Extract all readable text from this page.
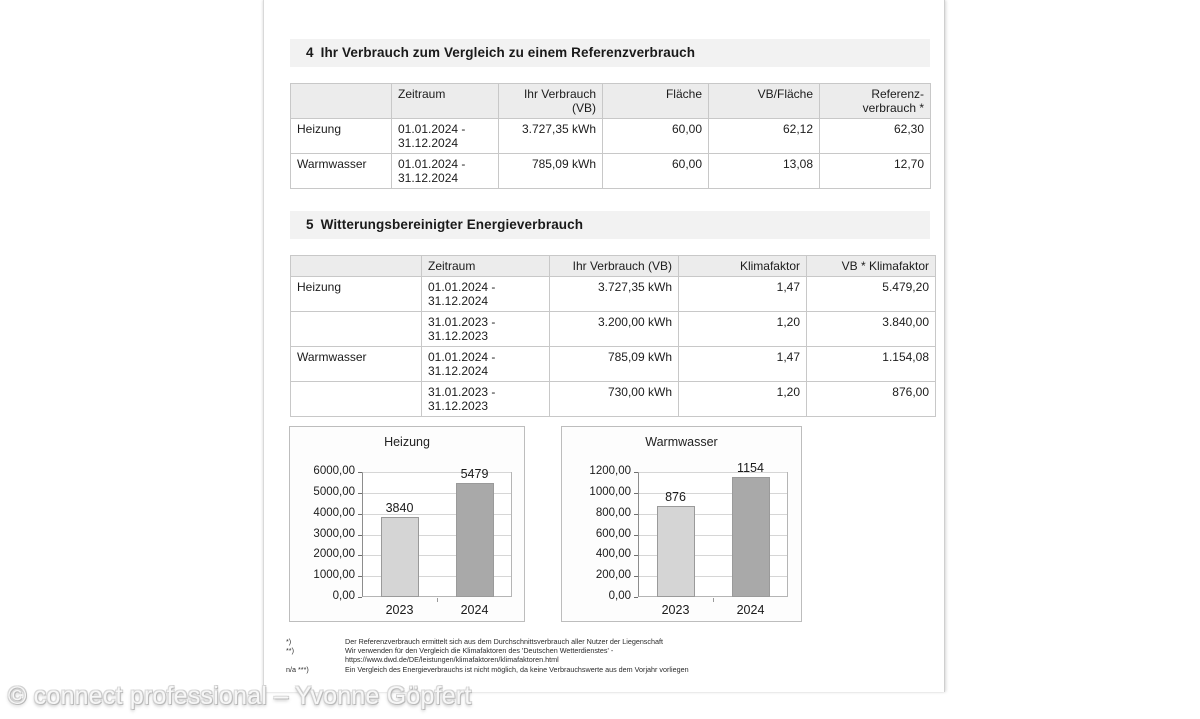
4 Ihr Verbrauch zum Vergleich zu einem Referenzverbrauch
	Zeitraum	Ihr Verbrauch
(VB)	Fläche	VB/Fläche	Referenz-
verbrauch *

Heizung	01.01.2024 -
31.12.2024	3.727,35 kWh	60,00	62,12	62,30
Warmwasser	01.01.2024 -
31.12.2024	785,09 kWh	60,00	13,08	12,70
5 Witterungsbereinigter Energieverbrauch
	Zeitraum	Ihr Verbrauch (VB)	Klimafaktor	VB * Klimafaktor
Heizung	01.01.2024 -
31.12.2024	3.727,35 kWh	1,47	5.479,20

	31.01.2023 -
31.12.2023	3.200,00 kWh	1,20	3.840,00
Warmwasser	01.01.2024 -
31.12.2024	785,09 kWh	1,47	1.154,08

	31.01.2023 -
31.12.2023	730,00 kWh	1,20	876,00
Heizung
0,00
1000,00
2000,00
3000,00
4000,00
5000,00
6000,00
3840
5479
2023	2024
Warmwasser
0,00
200,00
400,00
600,00
800,00
1000,00
1200,00
876
1154
2023	2024
*)	Der Referenzverbrauch ermittelt sich aus dem Durchschnittsverbrauch aller Nutzer der Liegenschaft
**)	Wir verwenden für den Vergleich die Klimafaktoren des 'Deutschen Wetterdienstes' -
https://www.dwd.de/DE/leistungen/klimafaktoren/klimafaktoren.html
n/a ***)	Ein Vergleich des Energieverbrauchs ist nicht möglich, da keine Verbrauchswerte aus dem Vorjahr vorliegen
© connect professional – Yvonne Göpfert
